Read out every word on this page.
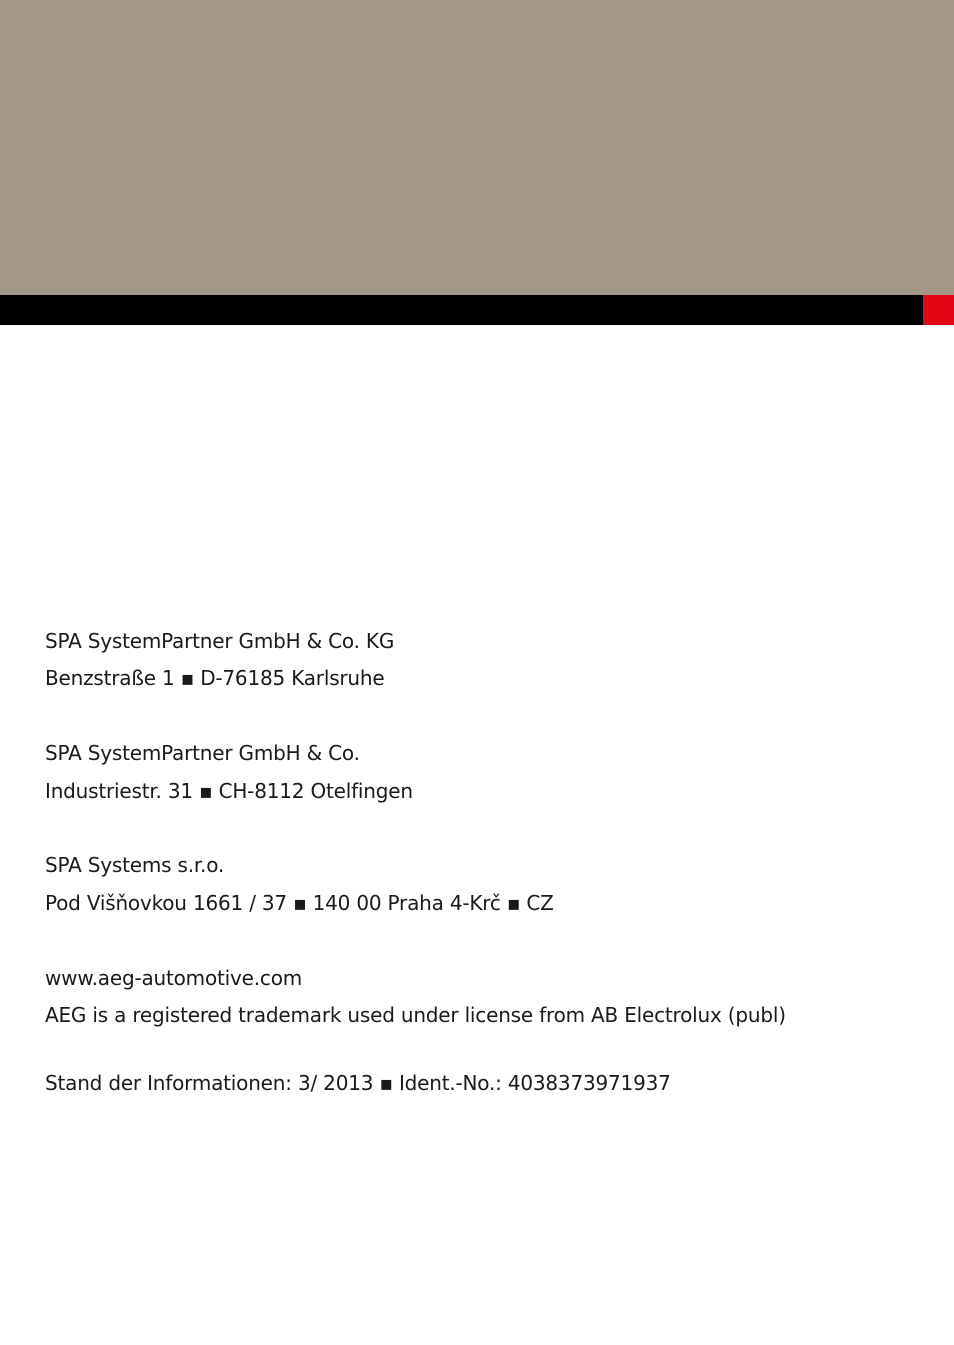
SPA SystemPartner GmbH & Co. KG
Benzstraße 1 ▪ D-76185 Karlsruhe
SPA SystemPartner GmbH & Co.
Industriestr. 31 ▪ CH-8112 Otelfingen
SPA Systems s.r.o.
Pod Višňovkou 1661 / 37 ▪ 140 00 Praha 4-Krč ▪ CZ
www.aeg-automotive.com
AEG is a registered trademark used under license from AB Electrolux (publ)
Stand der Informationen: 3/ 2013 ▪ Ident.-No.: 4038373971937
